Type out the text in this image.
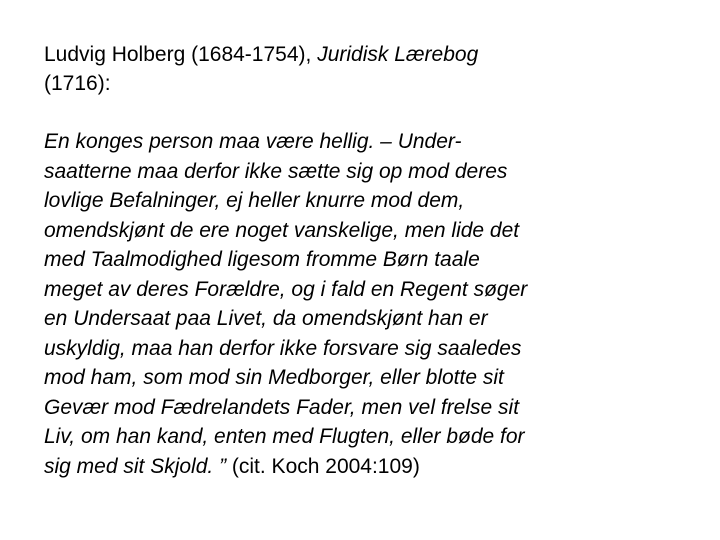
Ludvig Holberg (1684-1754), Juridisk Lærebog
(1716):

En konges person maa være hellig. – Under-
saatterne maa derfor ikke sætte sig op mod deres
lovlige Befalninger, ej heller knurre mod dem,
omendskjønt de ere noget vanskelige, men lide det
med Taalmodighed ligesom fromme Børn taale
meget av deres Forældre, og i fald en Regent søger
en Undersaat paa Livet, da omendskjønt han er
uskyldig, maa han derfor ikke forsvare sig saaledes
mod ham, som mod sin Medborger, eller blotte sit
Gevær mod Fædrelandets Fader, men vel frelse sit
Liv, om han kand, enten med Flugten, eller bøde for
sig med sit Skjold. ” (cit. Koch 2004:109)
